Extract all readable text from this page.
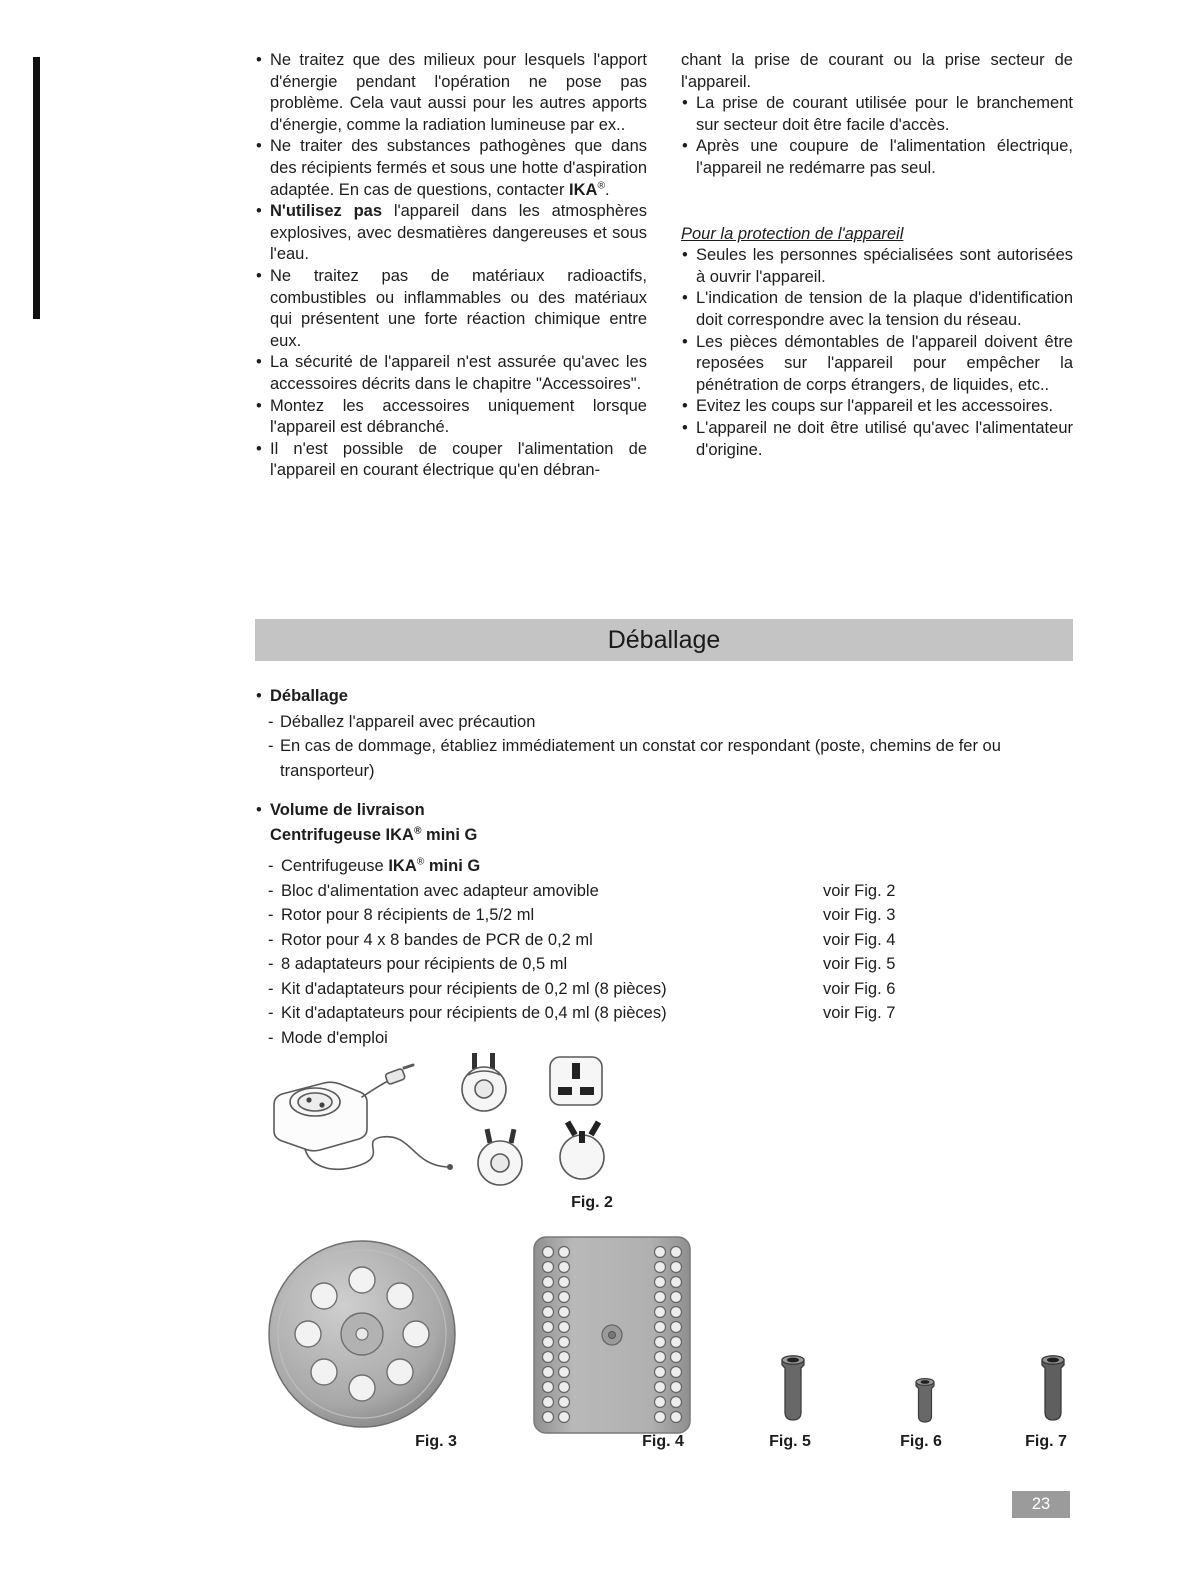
• Ne traitez que des milieux pour lesquels l'apport d'énergie pendant l'opération ne pose pas problème. Cela vaut aussi pour les autres apports d'énergie, comme la radiation lumineuse par ex..
• Ne traiter des substances pathogènes que dans des récipients fermés et sous une hotte d'aspiration adaptée. En cas de questions, contacter IKA®.
• N'utilisez pas l'appareil dans les atmosphères explosives, avec desmatières dangereuses et sous l'eau.
• Ne traitez pas de matériaux radioactifs, combustibles ou inflammables ou des matériaux qui présentent une forte réaction chimique entre eux.
• La sécurité de l'appareil n'est assurée qu'avec les accessoires décrits dans le chapitre "Accessoires".
• Montez les accessoires uniquement lorsque l'appareil est débranché.
• Il n'est possible de couper l'alimentation de l'appareil en courant électrique qu'en débran-

chant la prise de courant ou la prise secteur de l'appareil.

• La prise de courant utilisée pour le branchement sur secteur doit être facile d'accès.
• Après une coupure de l'alimentation électrique, l'appareil ne redémarre pas seul.

Pour la protection de l'appareil

• Seules les personnes spécialisées sont autorisées à ouvrir l'appareil.
• L'indication de tension de la plaque d'identification doit correspondre avec la tension du réseau.
• Les pièces démontables de l'appareil doivent être reposées sur l'appareil pour empêcher la pénétration de corps étrangers, de liquides, etc..
• Evitez les coups sur l'appareil et les accessoires.
• L'appareil ne doit être utilisé qu'avec l'alimentateur d'origine.
Déballage
• Déballage
- Déballez l'appareil avec précaution
- En cas de dommage, établiez immédiatement un constat cor respondant (poste, chemins de fer ou transporteur)
• Volume de livraison
Centrifugeuse IKA® mini G
- Centrifugeuse IKA® mini G
- Bloc d'alimentation avec adapteur amovible	voir Fig. 2
- Rotor pour 8 récipients de 1,5/2 ml	voir Fig. 3
- Rotor pour 4 x 8 bandes de PCR de 0,2 ml	voir Fig. 4
- 8 adaptateurs pour récipients de 0,5 ml	voir Fig. 5
- Kit d'adaptateurs pour récipients de 0,2 ml (8 pièces)	voir Fig. 6
- Kit d'adaptateurs pour récipients de 0,4 ml (8 pièces)	voir Fig. 7
- Mode d'emploi
Fig. 2
Fig. 3	Fig. 4	Fig. 5	Fig. 6	Fig. 7
23
